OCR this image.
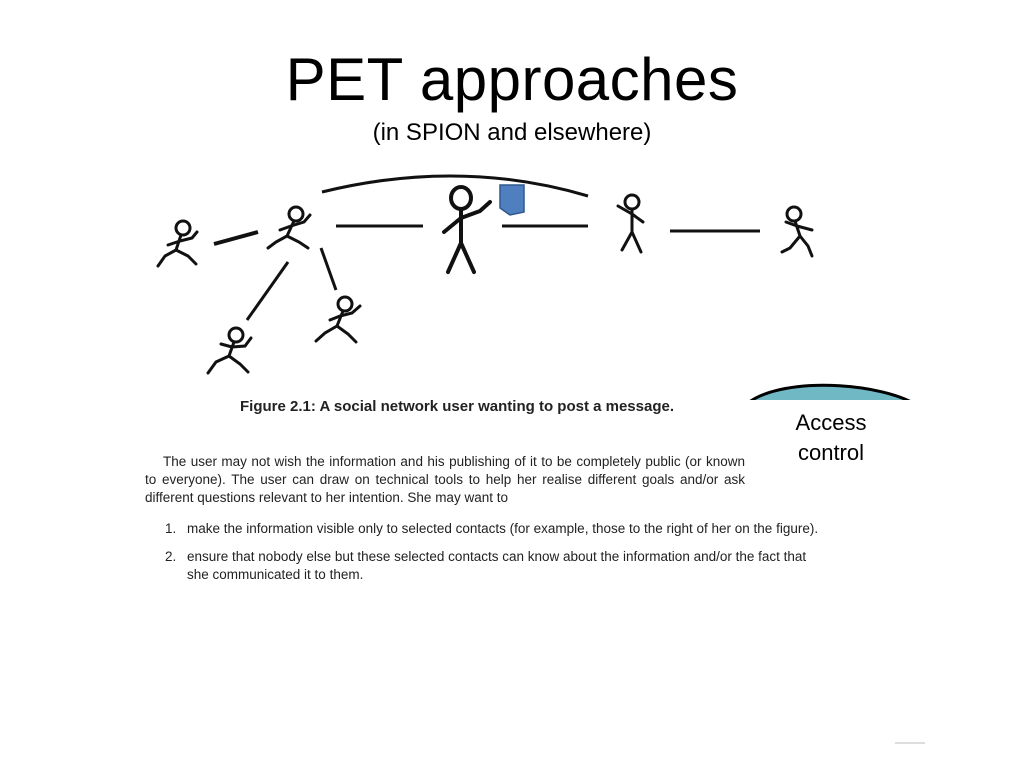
PET approaches
(in SPION and elsewhere)
Access
control
Figure 2.1: A social network user wanting to post a message.

The user may not wish the information and his publishing of it to be completely public (or known to everyone). The user can draw on technical tools to help her realise different goals and/or ask different questions relevant to her intention. She may want to

1. make the information visible only to selected contacts (for example, those to the right of her on the figure).
2. ensure that nobody else but these selected contacts can know about the information and/or the fact that she communicated it to them.
